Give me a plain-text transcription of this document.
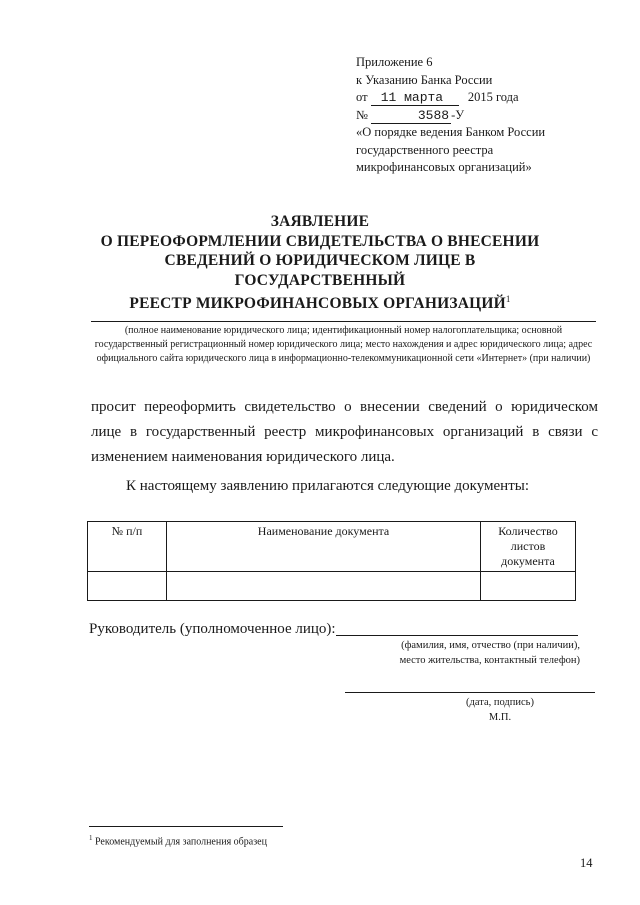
Приложение 6
к Указанию Банка России
от 11 марта 2015 года
№	3588 -У
«О порядке ведения Банком России
государственного реестра
микрофинансовых организаций»
ЗАЯВЛЕНИЕ
О ПЕРЕОФОРМЛЕНИИ СВИДЕТЕЛЬСТВА О ВНЕСЕНИИ
СВЕДЕНИЙ О ЮРИДИЧЕСКОМ ЛИЦЕ В ГОСУДАРСТВЕННЫЙ
РЕЕСТР МИКРОФИНАНСОВЫХ ОРГАНИЗАЦИЙ$^1$
(полное наименование юридического лица; идентификационный номер налогоплательщика; основной государственный регистрационный номер юридического лица; место нахождения и адрес юридического лица; адрес официального сайта юридического лица в информационно-телекоммуникационной сети «Интернет» (при наличии)
просит переоформить свидетельство о внесении сведений о юридическом лице в государственный реестр микрофинансовых организаций в связи с изменением наименования юридического лица.
К настоящему заявлению прилагаются следующие документы:
№ п/п	Наименование документа	Количество листов документа

Руководитель (уполномоченное лицо):
(фамилия, имя, отчество (при наличии),
место жительства, контактный телефон)
(дата, подпись)
М.П.
$^1$ Рекомендуемый для заполнения образец
14
